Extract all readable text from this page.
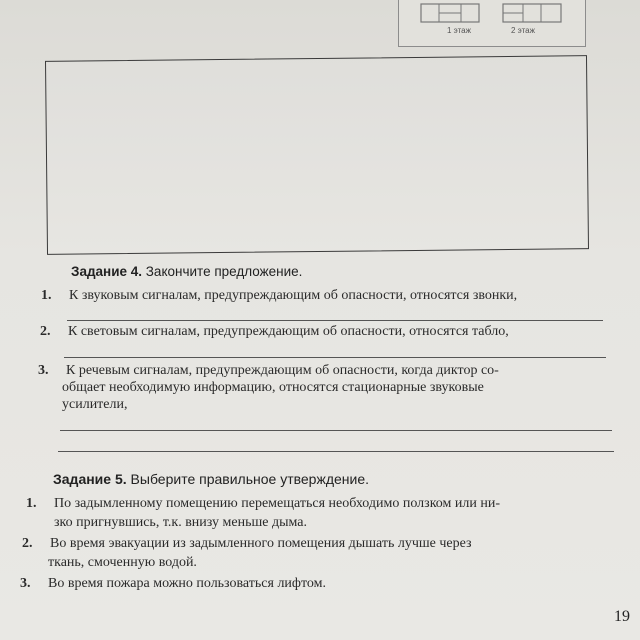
1 этаж	2 этаж
Задание 4. Закончите предложение.
1. К звуковым сигналам, предупреждающим об опасности, относятся звонки,
2. К световым сигналам, предупреждающим об опасности, относятся табло,
3. К речевым сигналам, предупреждающим об опасности, когда диктор со-
общает необходимую информацию, относятся стационарные звуковые
усилители,
Задание 5. Выберите правильное утверждение.
1. По задымленному помещению перемещаться необходимо ползком или ни-
зко пригнувшись, т.к. внизу меньше дыма.
2. Во время эвакуации из задымленного помещения дышать лучше через
ткань, смоченную водой.
3. Во время пожара можно пользоваться лифтом.
19
